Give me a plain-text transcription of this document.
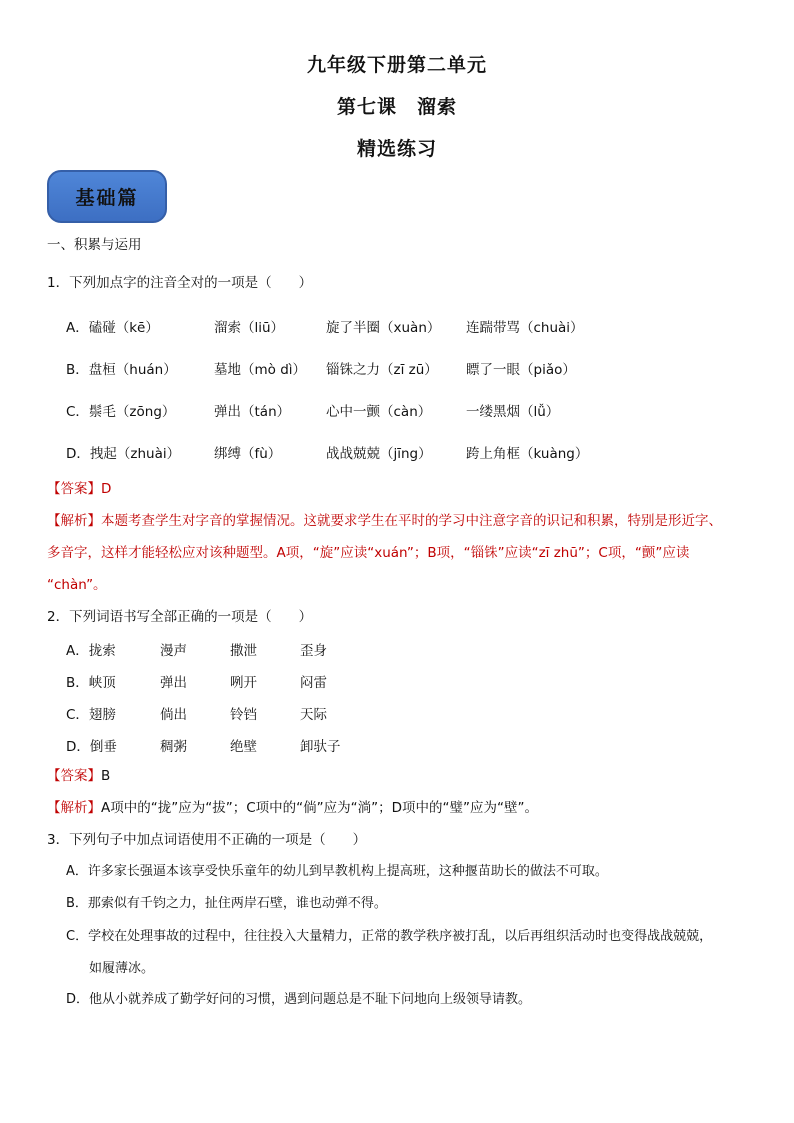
九年级下册第二单元
第七课　溜索
精选练习
基础篇
一、积累与运用
1．下列加点字的注音全对的一项是（　　）
A．磕碰（kē）	溜索（liū）	旋了半圈（xuàn） 连踹带骂（chuài）
B．盘桓（huán）	墓地（mò dì） 锱铢之力（zī zū） 瞟了一眼（piǎo）
C．鬃毛（zōng）	弹出（tán）	心中一颤（càn）	一缕黑烟（lǚ）
D．拽起（zhuài）	绑缚（fù）	战战兢兢（jīng）	跨上角框（kuàng）
【答案】D
【解析】本题考查学生对字音的掌握情况。这就要求学生在平时的学习中注意字音的识记和积累，特别是形近字、
多音字，这样才能轻松应对该种题型。A项，“旋”应读“xuán”；B项，“锱铢”应读“zī zhū”；C项，“颤”应读
“chàn”。
2．下列词语书写全部正确的一项是（　　）
A．拢索	漫声	撒泄	歪身
B．峡顶	弹出	咧开	闷雷
C．翅膀	倘出	铃铛	天际
D．倒垂	稠粥	绝壁	卸驮子
【答案】B
【解析】A项中的“拢”应为“拔”；C项中的“倘”应为“淌”；D项中的“璧”应为“壁”。
3．下列句子中加点词语使用不正确的一项是（　　）
A．许多家长强逼本该享受快乐童年的幼儿到早教机构上提高班，这种揠苗助长的做法不可取。
B．那索似有千钧之力，扯住两岸石壁，谁也动弹不得。
C．学校在处理事故的过程中，往往投入大量精力，正常的教学秩序被打乱，以后再组织活动时也变得战战兢兢，
如履薄冰。
D．他从小就养成了勤学好问的习惯，遇到问题总是不耻下问地向上级领导请教。
